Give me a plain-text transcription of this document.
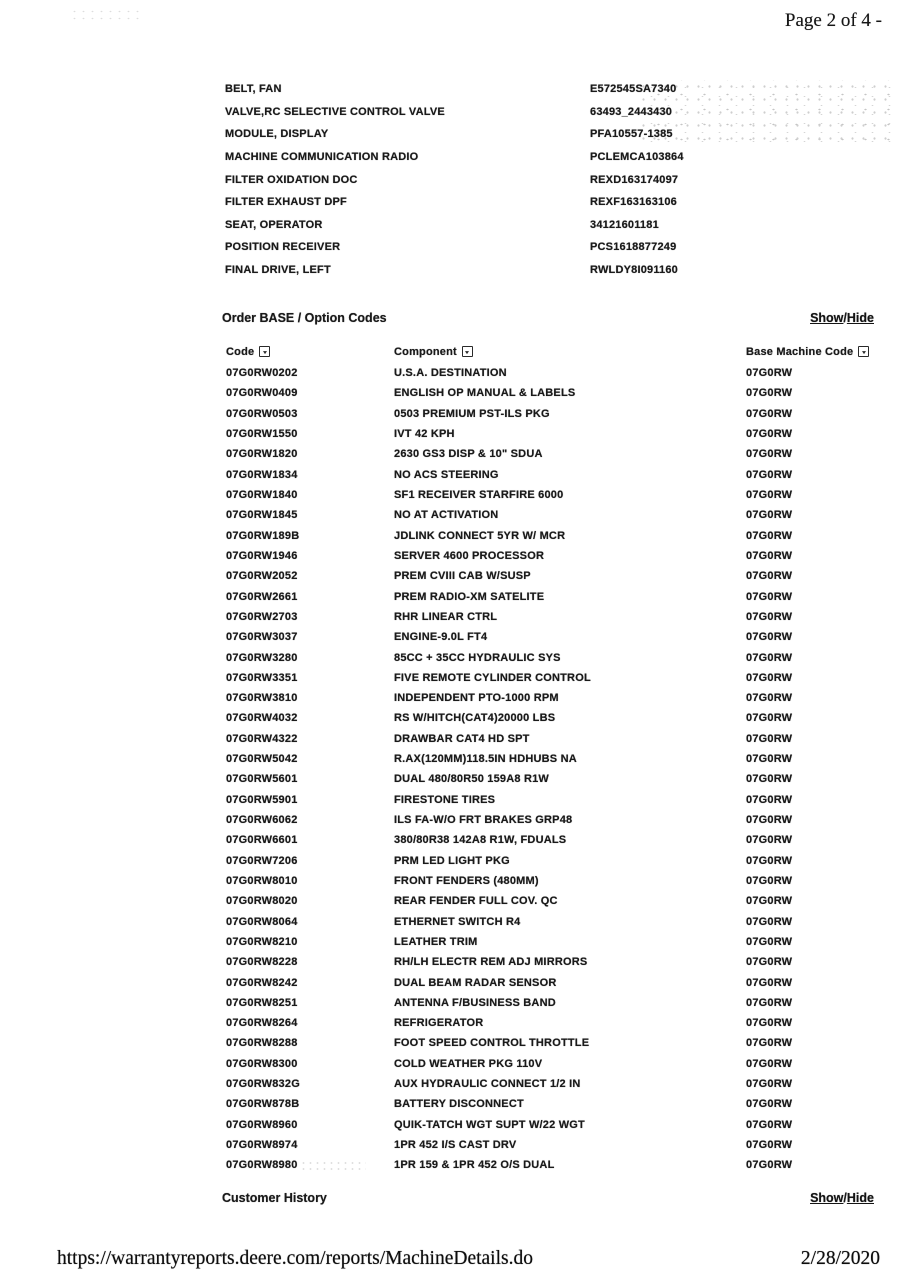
Page 2 of 4 -
BELT, FAN	E572545SA7340
VALVE,RC SELECTIVE CONTROL VALVE	63493_2443430
MODULE, DISPLAY	PFA10557-1385
MACHINE COMMUNICATION RADIO	PCLEMCA103864
FILTER OXIDATION DOC	REXD163174097
FILTER EXHAUST DPF	REXF163163106
SEAT, OPERATOR	34121601181
POSITION RECEIVER	PCS1618877249
FINAL DRIVE, LEFT	RWLDY8I091160
Order BASE / Option Codes	Show/Hide
Code	Component	Base Machine Code
07G0RW0202	U.S.A. DESTINATION	07G0RW
07G0RW0409	ENGLISH OP MANUAL & LABELS	07G0RW
07G0RW0503	0503 PREMIUM PST-ILS PKG	07G0RW
07G0RW1550	IVT 42 KPH	07G0RW
07G0RW1820	2630 GS3 DISP & 10" SDUA	07G0RW
07G0RW1834	NO ACS STEERING	07G0RW
07G0RW1840	SF1 RECEIVER STARFIRE 6000	07G0RW
07G0RW1845	NO AT ACTIVATION	07G0RW
07G0RW189B	JDLINK CONNECT 5YR W/ MCR	07G0RW
07G0RW1946	SERVER 4600 PROCESSOR	07G0RW
07G0RW2052	PREM CVIII CAB W/SUSP	07G0RW
07G0RW2661	PREM RADIO-XM SATELITE	07G0RW
07G0RW2703	RHR LINEAR CTRL	07G0RW
07G0RW3037	ENGINE-9.0L FT4	07G0RW
07G0RW3280	85CC + 35CC HYDRAULIC SYS	07G0RW
07G0RW3351	FIVE REMOTE CYLINDER CONTROL	07G0RW
07G0RW3810	INDEPENDENT PTO-1000 RPM	07G0RW
07G0RW4032	RS W/HITCH(CAT4)20000 LBS	07G0RW
07G0RW4322	DRAWBAR CAT4 HD SPT	07G0RW
07G0RW5042	R.AX(120MM)118.5IN HDHUBS NA	07G0RW
07G0RW5601	DUAL 480/80R50 159A8 R1W	07G0RW
07G0RW5901	FIRESTONE TIRES	07G0RW
07G0RW6062	ILS FA-W/O FRT BRAKES GRP48	07G0RW
07G0RW6601	380/80R38 142A8 R1W, FDUALS	07G0RW
07G0RW7206	PRM LED LIGHT PKG	07G0RW
07G0RW8010	FRONT FENDERS (480MM)	07G0RW
07G0RW8020	REAR FENDER FULL COV. QC	07G0RW
07G0RW8064	ETHERNET SWITCH R4	07G0RW
07G0RW8210	LEATHER TRIM	07G0RW
07G0RW8228	RH/LH ELECTR REM ADJ MIRRORS	07G0RW
07G0RW8242	DUAL BEAM RADAR SENSOR	07G0RW
07G0RW8251	ANTENNA F/BUSINESS BAND	07G0RW
07G0RW8264	REFRIGERATOR	07G0RW
07G0RW8288	FOOT SPEED CONTROL THROTTLE	07G0RW
07G0RW8300	COLD WEATHER PKG 110V	07G0RW
07G0RW832G	AUX HYDRAULIC CONNECT 1/2 IN	07G0RW
07G0RW878B	BATTERY DISCONNECT	07G0RW
07G0RW8960	QUIK-TATCH WGT SUPT W/22 WGT	07G0RW
07G0RW8974	1PR 452 I/S CAST DRV	07G0RW
07G0RW8980	1PR 159 & 1PR 452 O/S DUAL	07G0RW
Customer History	Show/Hide
https://warrantyreports.deere.com/reports/MachineDetails.do	2/28/2020
